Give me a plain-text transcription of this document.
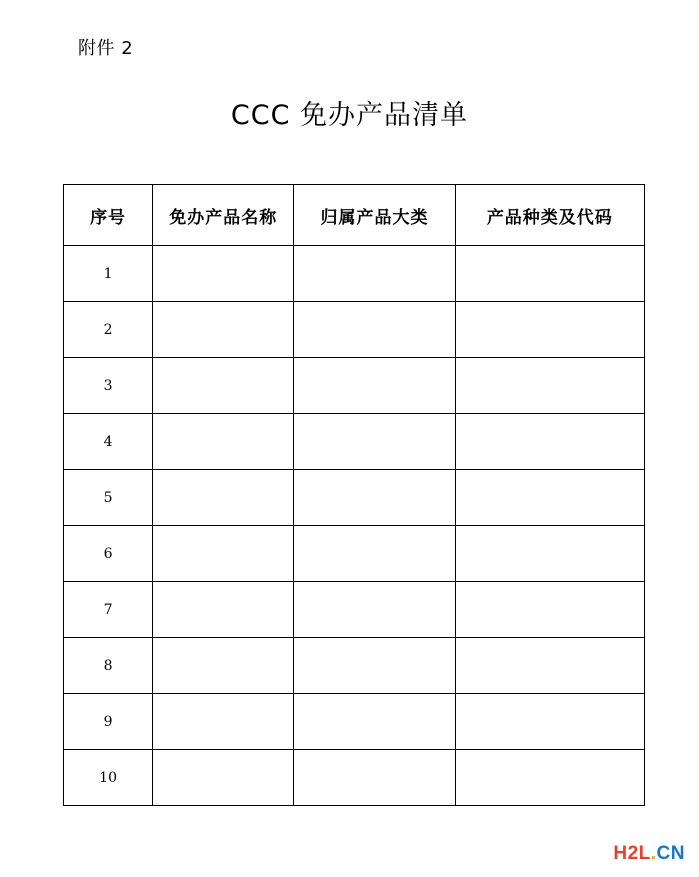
附件 2
CCC 免办产品清单
序号	免办产品名称	归属产品大类	产品种类及代码
1			
2			
3			
4			
5			
6			
7			
8			
9			
10			
H2L.CN
